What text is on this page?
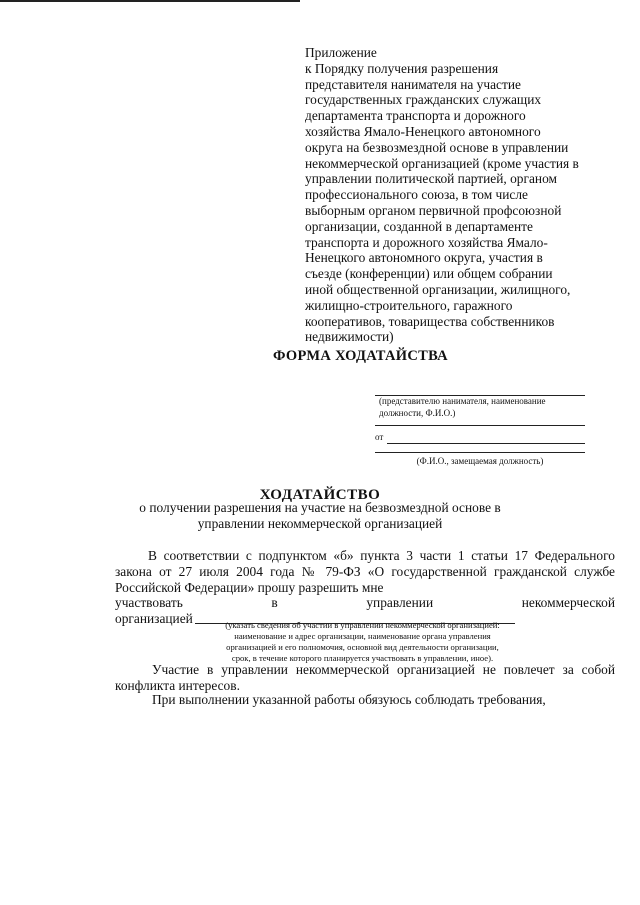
Приложение
к Порядку получения разрешения
представителя нанимателя на участие
государственных гражданских служащих
департамента транспорта и дорожного
хозяйства Ямало-Ненецкого автономного
округа на безвозмездной основе в управлении
некоммерческой организацией (кроме участия в
управлении политической партией, органом
профессионального союза, в том числе
выборным органом первичной профсоюзной
организации, созданной в департаменте
транспорта и дорожного хозяйства Ямало-
Ненецкого автономного округа, участия в
съезде (конференции) или общем собрании
иной общественной организации, жилищного,
жилищно-строительного, гаражного
кооперативов, товарищества собственников
недвижимости)
ФОРМА ХОДАТАЙСТВА
(представителю нанимателя, наименование должности, Ф.И.О.)
от
(Ф.И.О., замещаемая должность)
ХОДАТАЙСТВО
о получении разрешения на участие на безвозмездной основе в управлении некоммерческой организацией
В соответствии с подпунктом «б» пункта 3 части 1 статьи 17 Федерального закона от 27 июля 2004 года № 79-ФЗ «О государственной гражданской службе Российской Федерации» прошу разрешить мне
участвовать в управлении некоммерческой
организацией	(указать сведения об участии в управлении некоммерческой организацией:
наименование и адрес организации, наименование органа управления
организацией и его полномочия, основной вид деятельности организации,
срок, в течение которого планируется участвовать в управлении, иное).
Участие в управлении некоммерческой организацией не повлечет за собой конфликта интересов.
При выполнении указанной работы обязуюсь соблюдать требования,
